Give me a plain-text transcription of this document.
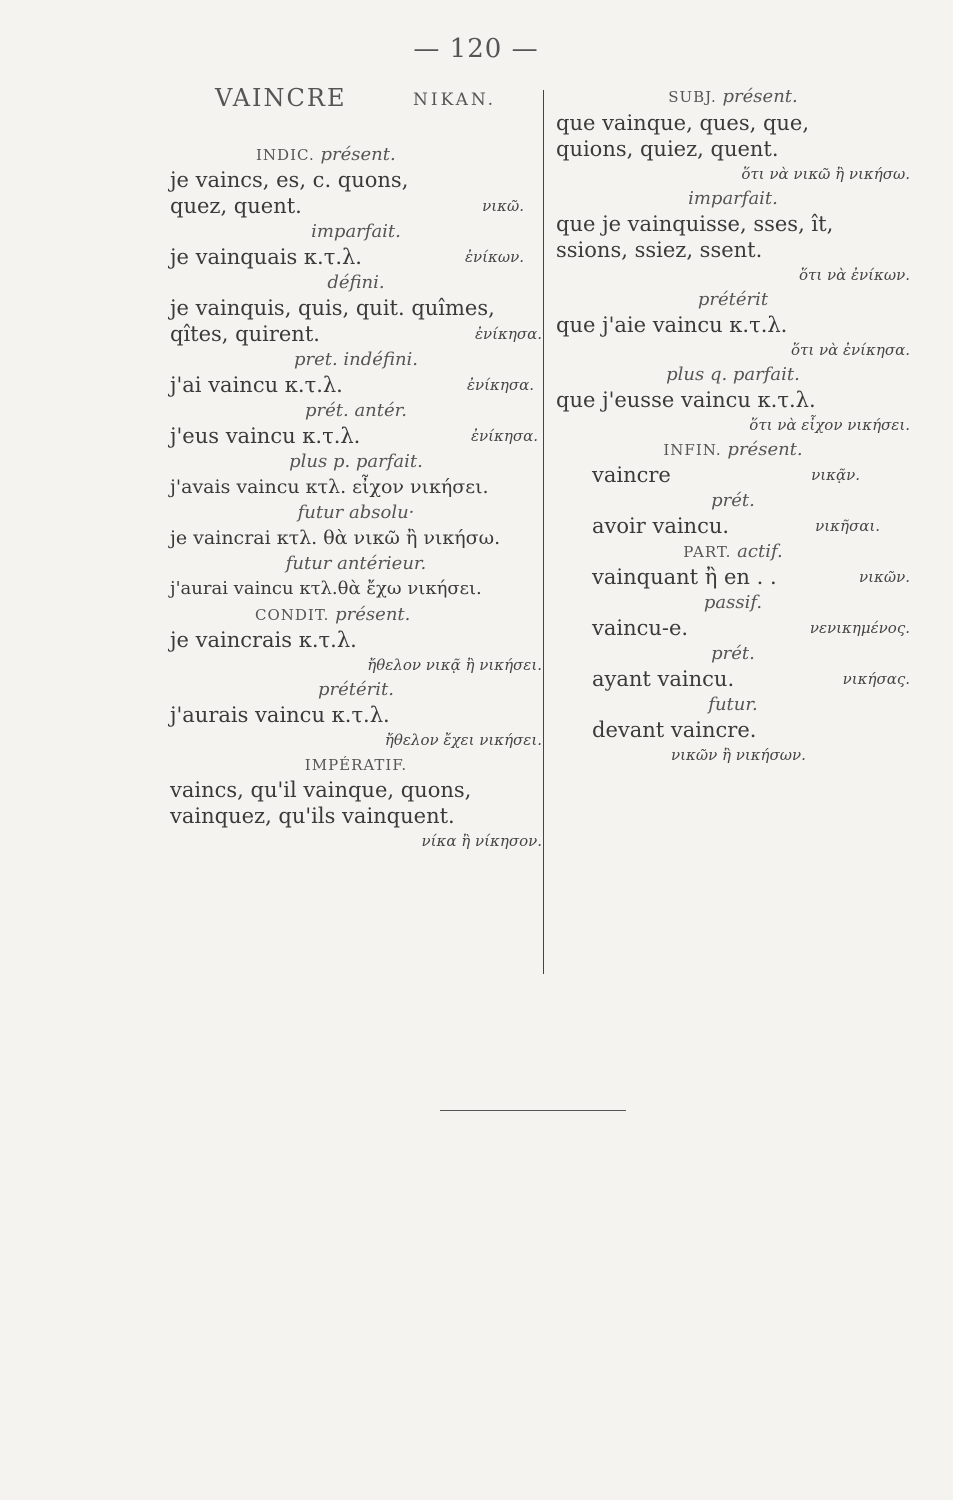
— 120 —
VAINCRE	NIKAN.
INDIC. présent.
je vaincs, es, c. quons,
quez, quent.	νικῶ.
imparfait.
je vainquais κ.τ.λ.	ἐνίκων.
défini.
je vainquis, quis, quit. quîmes,
qîtes, quirent.	ἐνίκησα.
pret. indéfini.
j'ai vaincu κ.τ.λ.	ἐνίκησα.
prét. antér.
j'eus vaincu κ.τ.λ.	ἐνίκησα.
plus p. parfait.
j'avais vaincu κτλ. εἶχον νικήσει.
futur absolu·
je vaincrai κτλ. θὰ νικῶ ἢ νικήσω.
futur antérieur.
j'aurai vaincu κτλ.θὰ ἔχω νικήσει.
CONDIT. présent.
je vaincrais κ.τ.λ.
ἤθελον νικᾷ ἢ νικήσει.
prétérit.
j'aurais vaincu κ.τ.λ.
ἤθελον ἔχει νικήσει.
IMPÉRATIF.
vaincs, qu'il vainque, quons,
vainquez, qu'ils vainquent.
νίκα ἢ νίκησον.
SUBJ. présent.
que vainque, ques, que,
quions, quiez, quent.
ὅτι νὰ νικῶ ἢ νικήσω.
imparfait.
que je vainquisse, sses, ît,
ssions, ssiez, ssent.
ὅτι νὰ ἐνίκων.
prétérit
que j'aie vaincu κ.τ.λ.
ὅτι νὰ ἐνίκησα.
plus q. parfait.
que j'eusse vaincu κ.τ.λ.
ὅτι νὰ εἶχον νικήσει.
INFIN. présent.
vaincre	νικᾷν.
prét.
avoir vaincu.	νικῆσαι.
PART. actif.
vainquant ἢ en . .	νικῶν.
passif.
vaincu-e.	νενικημένος.
prét.
ayant vaincu.	νικήσας.
futur.
devant vaincre.
νικῶν ἢ νικήσων.
